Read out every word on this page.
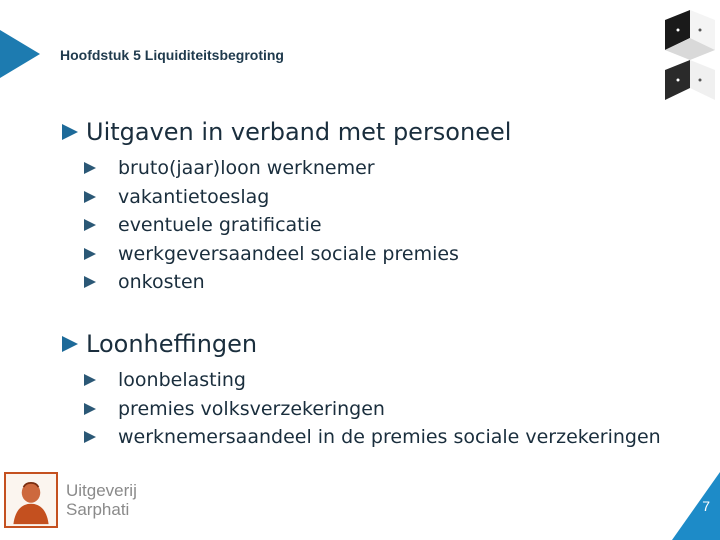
Hoofdstuk 5 Liquiditeitsbegroting
Uitgaven in verband met personeel
bruto(jaar)loon werknemer
vakantietoeslag
eventuele gratificatie
werkgeversaandeel sociale premies
onkosten
Loonheffingen
loonbelasting
premies volksverzekeringen
werknemersaandeel in de premies sociale verzekeringen
Uitgeverij
Sarphati	7
